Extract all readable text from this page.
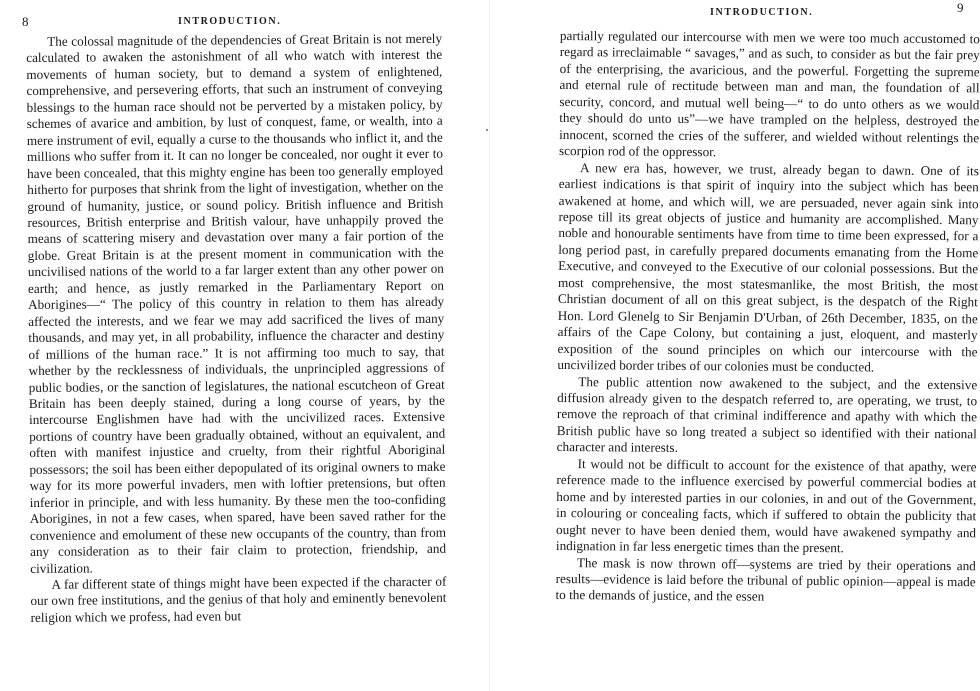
8	INTRODUCTION.

The colossal magnitude of the dependencies of Great Britain is not merely calculated to awaken the astonishment of all who watch with interest the movements of human society, but to demand a system of enlightened, comprehensive, and persevering efforts, that such an instrument of conveying blessings to the human race should not be perverted by a mistaken policy, by schemes of avarice and ambition, by lust of conquest, fame, or wealth, into a mere instrument of evil, equally a curse to the thousands who inflict it, and the millions who suffer from it. It can no longer be concealed, nor ought it ever to have been concealed, that this mighty engine has been too generally employed hitherto for purposes that shrink from the light of investigation, whether on the ground of humanity, justice, or sound policy. British influence and British resources, British enterprise and British valour, have unhappily proved the means of scattering misery and devastation over many a fair portion of the globe. Great Britain is at the present moment in communication with the uncivilised nations of the world to a far larger extent than any other power on earth; and hence, as justly remarked in the Parliamentary Report on Aborigines—“ The policy of this country in relation to them has already affected the interests, and we fear we may add sacrificed the lives of many thousands, and may yet, in all probability, influence the character and destiny of millions of the human race.” It is not affirming too much to say, that whether by the recklessness of individuals, the unprincipled aggressions of public bodies, or the sanction of legislatures, the national escutcheon of Great Britain has been deeply stained, during a long course of years, by the intercourse Englishmen have had with the uncivilized races. Extensive portions of country have been gradually obtained, without an equivalent, and often with manifest injustice and cruelty, from their rightful Aboriginal possessors; the soil has been either depopulated of its original owners to make way for its more powerful invaders, men with loftier pretensions, but often inferior in principle, and with less humanity. By these men the too-confiding Aborigines, in not a few cases, when spared, have been saved rather for the convenience and emolument of these new occupants of the country, than from any consideration as to their fair claim to protection, friendship, and civilization.

A far different state of things might have been expected if the character of our own free institutions, and the genius of that holy and eminently benevolent religion which we profess, had even but

9
INTRODUCTION.

partially regulated our intercourse with men we were too much accustomed to regard as irreclaimable “ savages,” and as such, to consider as but the fair prey of the enterprising, the avaricious, and the powerful. Forgetting the supreme and eternal rule of rectitude between man and man, the foundation of all security, concord, and mutual well being—“ to do unto others as we would they should do unto us”—we have trampled on the helpless, destroyed the innocent, scorned the cries of the sufferer, and wielded without relentings the scorpion rod of the oppressor.

A new era has, however, we trust, already began to dawn. One of its earliest indications is that spirit of inquiry into the subject which has been awakened at home, and which will, we are persuaded, never again sink into repose till its great objects of justice and humanity are accomplished. Many noble and honourable sentiments have from time to time been expressed, for a long period past, in carefully prepared documents emanating from the Home Executive, and conveyed to the Executive of our colonial possessions. But the most comprehensive, the most statesmanlike, the most British, the most Christian document of all on this great subject, is the despatch of the Right Hon. Lord Glenelg to Sir Benjamin D'Urban, of 26th December, 1835, on the affairs of the Cape Colony, but containing a just, eloquent, and masterly exposition of the sound principles on which our intercourse with the uncivilized border tribes of our colonies must be conducted.

The public attention now awakened to the subject, and the extensive diffusion already given to the despatch referred to, are operating, we trust, to remove the reproach of that criminal indifference and apathy with which the British public have so long treated a subject so identified with their national character and interests.

It would not be difficult to account for the existence of that apathy, were reference made to the influence exercised by powerful commercial bodies at home and by interested parties in our colonies, in and out of the Government, in colouring or concealing facts, which if suffered to obtain the publicity that ought never to have been denied them, would have awakened sympathy and indignation in far less energetic times than the present.

The mask is now thrown off—systems are tried by their operations and results—evidence is laid before the tribunal of public opinion—appeal is made to the demands of justice, and the essen
